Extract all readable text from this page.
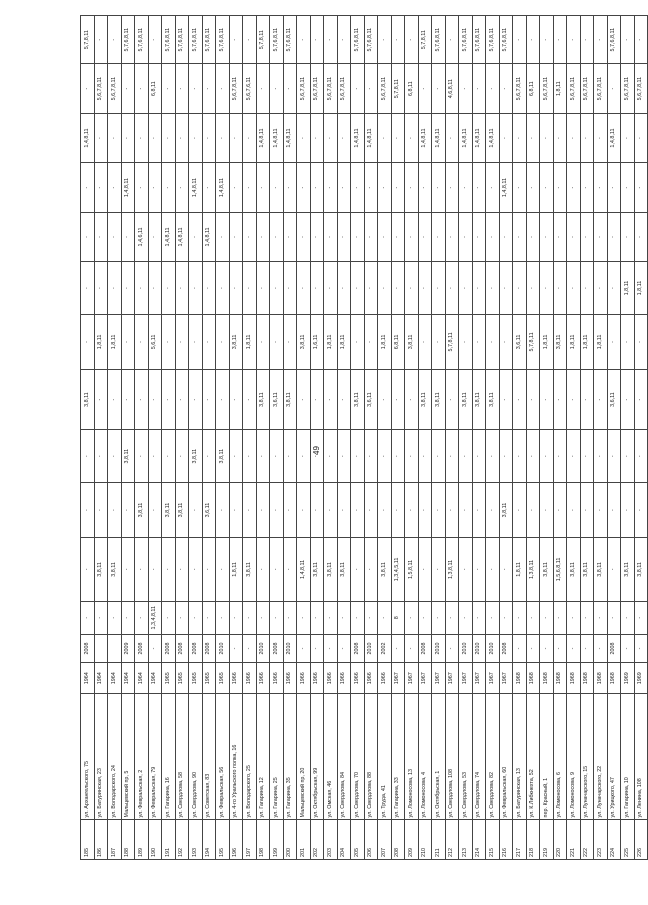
49
185	ул. Архангельского, 75	1964	2008	-	-	-	-	3,8,11	-	-	-	-	1,4,8,11	-	5,7,8,11
186	ул. Батуринская, 23	1964		-	3,8,11	-	-	-	1,8,11	-	-	-	-	5,6,7,8,11	-
187	ул. Володарского, 24	1964		-	3,8,11	-	-	-	1,8,11	-	-	-	-	5,6,7,8,11	-
188	Мальцевский пр, 5	1964	2009	-	-	-	3,8,11	-	-	-	-	1,4,8,11	-	-	5,7,6,8,11
189	ул. Февральская, 2	1964	2008	-	-	3,8,11	-	-	-	-	1,4,6,11	-	-	-	5,7,6,8,11
190	ул. Февральская, 79	1964	-	1,3,4,8,11	-	-	-	-	5,6,11	-	-	-	-	6,8,11	-
191	ул. Гагарина, 16	1965	2008	-	-	3,8,11	-	-	-	-	1,4,8,11	-	-	-	5,7,6,8,11
192	ул. Свердлова, 58	1965	2008	-	-	3,8,11	-	-	-	-	1,4,8,11	-	-	-	5,7,6,8,11
193	ул. Свердлова, 90	1965	2008	-	-	-	3,8,11	-	-	-	-	1,4,8,11	-	-	5,7,6,8,11
194	ул. Советская, 83	1965	2008	-	-	3,6,11	-	-	-	-	1,4,8,11	-	-	-	5,7,6,8,11
195	ул. Февральская, 56	1965	2010	-	-	-	3,8,11	-	-	-	-	1,4,8,11	-	-	5,7,6,8,11
196	ул. 4-го Уральского полка, 16	1966	-	-	1,8,11	-	-	-	3,8,11	-	-	-	-	5,6,7,8,11	-
197	ул. Володарского, 25	1966	-	-	3,8,11	-	-	-	1,8,11	-	-	-	-	5,6,7,6,11	-
198	ул. Гагарина, 12	1966	2010	-	-	-	-	3,8,11	-	-	-	-	1,4,8,11	-	5,7,8,11
199	ул. Гагарина, 25	1966	2008	-	-	-	-	3,6,11	-	-	-	-	1,4,8,11	-	5,7,6,8,11
200	ул. Гагарина, 35	1966	2010	-	-	-	-	3,8,11	-	-	-	-	1,4,8,11	-	5,7,6,8,11
201	Мальцевский пр, 20	1966	-	-	1,4,8,11	-	-	-	3,8,11	-	-	-	-	5,6,7,8,11	-
202	ул. Октябрьская, 99	1966	-	-	3,8,11	-	-	-	1,6,11	-	-	-	-	5,6,7,8,11	-
203	ул. Омская, 46	1966	-	-	3,8,11	-	-	-	1,8,11	-	-	-	-	5,6,7,8,11	-
204	ул. Свердлова, 84	1966	-	-	3,8,11	-	-	-	1,8,11	-	-	-	-	5,6,7,8,11	-
205	ул. Свердлова, 70	1966	2008	-	-	-	-	3,8,11	-	-	-	-	1,4,8,11	-	5,7,6,8,11
206	ул. Свердлова, 88	1966	2010	-	-	-	-	3,6,11	-	-	-	-	1,4,8,11	-	5,7,6,8,11
207	ул. Труда, 41	1966	2002	-	3,8,11	-	-	-	1,8,11	-	-	-	-	5,6,7,8,11	-
208	ул. Гагарина, 33	1967	-	8	1,3,4,5,11	-	-	-	6,8,11	-	-	-	-	5,7,8,11	-
209	ул. Ломоносова, 13	1967	-	-	1,5,8,11	-	-	-	3,8,11	-	-	-	-	6,8,11	-
210	ул. Ломоносова, 4	1967	2008	-	-	-	-	3,8,11	-	-	-	-	1,4,8,11	-	5,7,8,11
211	ул. Октябрьская, 1	1967	2010	-	-	-	-	3,8,11	-	-	-	-	1,4,8,11	-	5,7,6,8,11
212	ул. Свердлова, 108	1967	-	-	1,3,8,11	-	-	-	5,7,8,11	-	-	-	-	4,6,8,11	-
213	ул. Свердлова, 53	1967	2010	-	-	-	-	3,8,11	-	-	-	-	1,4,8,11	-	5,7,6,8,11
214	ул. Свердлова, 74	1967	2010	-	-	-	-	3,8,11	-	-	-	-	1,4,8,11	-	5,7,6,8,11
215	ул. Свердлова, 82	1967	2010	-	-	-	-	3,8,11	-	-	-	-	1,4,8,11	-	5,7,6,8,11
216	ул. Февральская, 60	1967	2008	-	-	3,8,11	-	-	-	-	-	1,4,8,11	-	-	5,7,6,8,11
217	ул. Батуринская, 13	1968	-	-	1,8,11	-	-	-	3,6,11	-	-	-	-	5,6,7,8,11	-
218	ул. К.Либкнехта, 52	1968	-	-	1,3,8,11	-	-	-	5,7,8,11	-	-	-	-	6,8,11	-
219	пер. Красный, 1	1968	-	-	3,8,11	-	-	-	1,8,11	-	-	-	-	5,6,7,8,11	-
220	ул. Ломоносова, 6	1968	-	-	1,5,6,8,11	-	-	-	3,8,11	-	-	-	-	1,8,11	-
221	ул. Ломоносова, 9	1968	-	-	3,8,11	-	-	-	1,8,11	-	-	-	-	5,6,7,8,11	-
222	ул. Луначарского, 15	1968	-	-	3,8,11	-	-	-	1,8,11	-	-	-	-	5,6,7,8,11	-
223	ул. Луначарского, 22	1968	-	-	3,8,11	-	-	-	1,8,11	-	-	-	-	5,6,7,8,11	-
224	ул. Урицкого, 47	1968	2008	-	-	-	-	3,6,11	-	-	-	-	1,4,8,11	-	5,7,6,8,11
225	ул. Гагарина, 10	1969	-	-	3,8,11	-	-	-	-	1,8,11	-	-	-	5,6,7,8,11	-
226	ул. Ленина, 108	1969	-	-	3,8,11	-	-	-	-	1,8,11	-	-	-	5,6,7,8,11	-
